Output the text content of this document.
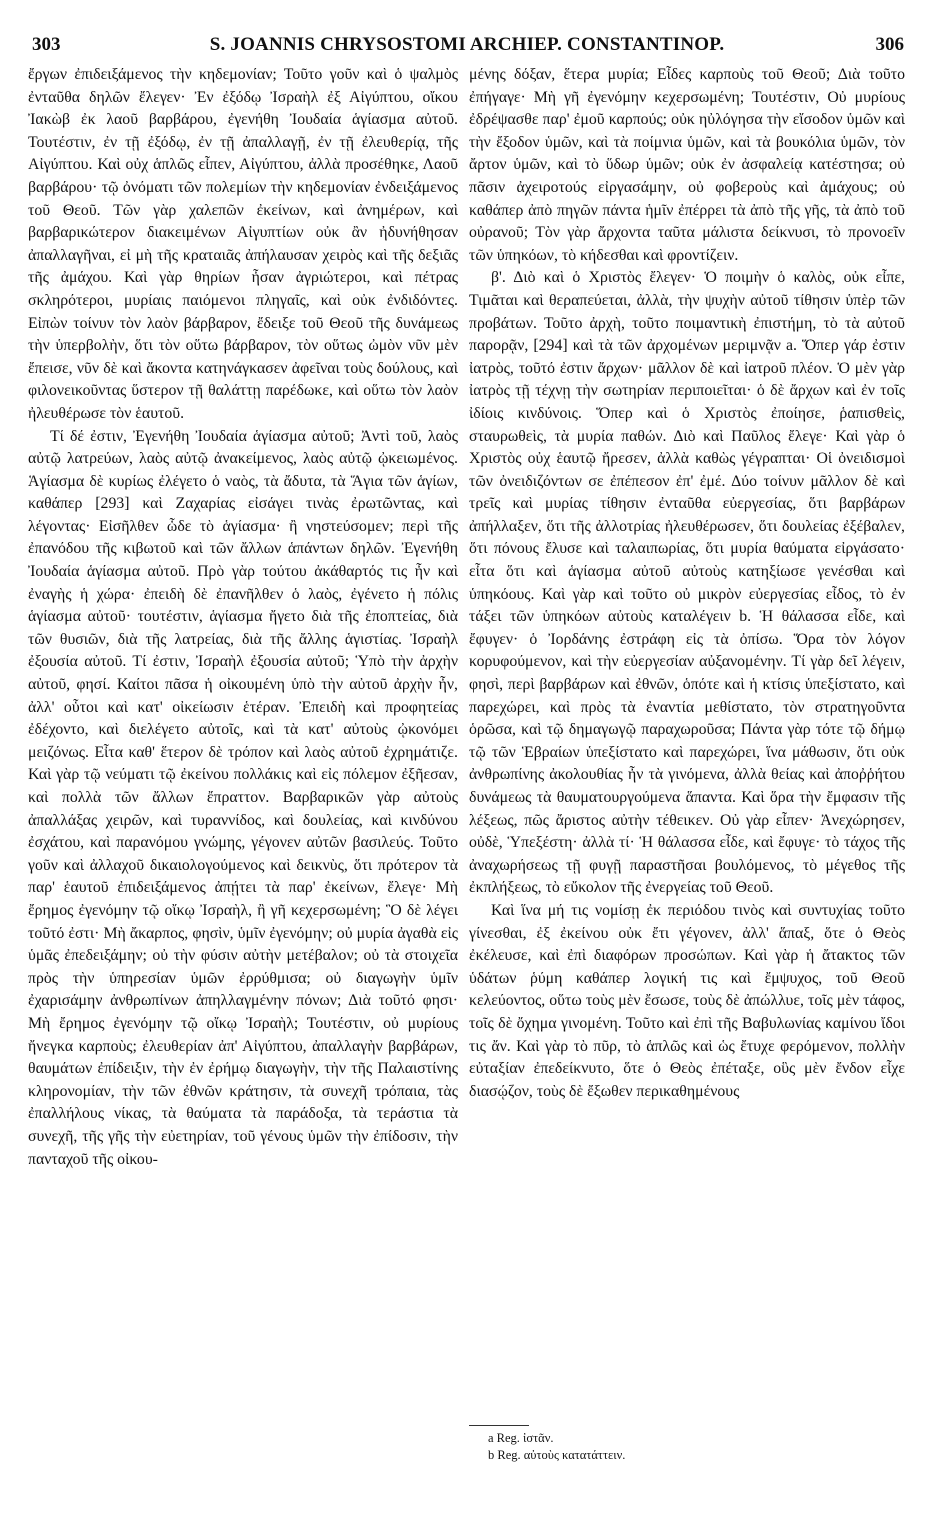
303	S. JOANNIS CHRYSOSTOMI ARCHIEP. CONSTANTINOP.	306

ἔργων ἐπιδειξάμενος τὴν κηδεμονίαν; Τοῦτο γοῦν καὶ ὁ ψαλμὸς ἐνταῦθα δηλῶν ἔλεγεν· Ἐν ἐξόδῳ Ἰσραὴλ ἐξ Αἰγύπτου, οἴκου Ἰακὼβ ἐκ λαοῦ βαρβάρου, ἐγενήθη Ἰουδαία ἁγίασμα αὐτοῦ. Τουτέστιν, ἐν τῇ ἐξόδῳ, ἐν τῇ ἀπαλλαγῇ, ἐν τῇ ἐλευθερίᾳ, τῆς Αἰγύπτου. Καὶ οὐχ ἁπλῶς εἶπεν, Αἰγύπτου, ἀλλὰ προσέθηκε, Λαοῦ βαρβάρου· τῷ ὀνόματι τῶν πολεμίων τὴν κηδεμονίαν ἐνδειξάμενος τοῦ Θεοῦ. Τῶν γὰρ χαλεπῶν ἐκείνων, καὶ ἀνημέρων, καὶ βαρβαρικώτερον διακειμένων Αἰγυπτίων οὐκ ἂν ἠδυνήθησαν ἀπαλλαγῆναι, εἰ μὴ τῆς κραταιᾶς ἀπήλαυσαν χειρὸς καὶ τῆς δεξιᾶς τῆς ἀμάχου. Καὶ γὰρ θηρίων ἦσαν ἀγριώτεροι, καὶ πέτρας σκληρότεροι, μυρίαις παιόμενοι πληγαῖς, καὶ οὐκ ἐνδιδόντες. Εἰπὼν τοίνυν τὸν λαὸν βάρβαρον, ἔδειξε τοῦ Θεοῦ τῆς δυνάμεως τὴν ὑπερβολὴν, ὅτι τὸν οὕτω βάρβαρον, τὸν οὕτως ὠμὸν νῦν μὲν ἔπεισε, νῦν δὲ καὶ ἄκοντα κατηνάγκασεν ἀφεῖναι τοὺς δούλους, καὶ φιλονεικοῦντας ὕστερον τῇ θαλάττῃ παρέδωκε, καὶ οὕτω τὸν λαὸν ἠλευθέρωσε τὸν ἑαυτοῦ.

Τί δέ ἐστιν, Ἐγενήθη Ἰουδαία ἁγίασμα αὐτοῦ; Ἀντὶ τοῦ, λαὸς αὐτῷ λατρεύων, λαὸς αὐτῷ ἀνακείμενος, λαὸς αὐτῷ ᾠκειωμένος. Ἁγίασμα δὲ κυρίως ἐλέγετο ὁ ναὸς, τὰ ἄδυτα, τὰ Ἅγια τῶν ἁγίων, καθάπερ [293] καὶ Ζαχαρίας εἰσάγει τινὰς ἐρωτῶντας, καὶ λέγοντας· Εἰσῆλθεν ὧδε τὸ ἁγίασμα· ἢ νηστεύσομεν; περὶ τῆς ἐπανόδου τῆς κιβωτοῦ καὶ τῶν ἄλλων ἁπάντων δηλῶν. Ἐγενήθη Ἰουδαία ἁγίασμα αὐτοῦ. Πρὸ γὰρ τούτου ἀκάθαρτός τις ἦν καὶ ἐναγὴς ἡ χώρα· ἐπειδὴ δὲ ἐπανῆλθεν ὁ λαὸς, ἐγένετο ἡ πόλις ἁγίασμα αὐτοῦ· τουτέστιν, ἁγίασμα ἤγετο διὰ τῆς ἐποπτείας, διὰ τῶν θυσιῶν, διὰ τῆς λατρείας, διὰ τῆς ἄλλης ἁγιστίας. Ἰσραὴλ ἐξουσία αὐτοῦ. Τί ἐστιν, Ἰσραὴλ ἐξουσία αὐτοῦ; Ὑπὸ τὴν ἀρχὴν αὐτοῦ, φησί. Καίτοι πᾶσα ἡ οἰκουμένη ὑπὸ τὴν αὐτοῦ ἀρχὴν ἦν, ἀλλ' οὗτοι καὶ κατ' οἰκείωσιν ἑτέραν. Ἐπειδὴ καὶ προφητείας ἐδέχοντο, καὶ διελέγετο αὐτοῖς, καὶ τὰ κατ' αὐτοὺς ᾠκονόμει μειζόνως. Εἶτα καθ' ἕτερον δὲ τρόπον καὶ λαὸς αὐτοῦ ἐχρημάτιζε. Καὶ γὰρ τῷ νεύματι τῷ ἐκείνου πολλάκις καὶ εἰς πόλεμον ἐξῆεσαν, καὶ πολλὰ τῶν ἄλλων ἔπραττον. Βαρβαρικῶν γὰρ αὐτοὺς ἀπαλλάξας χειρῶν, καὶ τυραννίδος, καὶ δουλείας, καὶ κινδύνου ἐσχάτου, καὶ παρανόμου γνώμης, γέγονεν αὐτῶν βασιλεύς. Τοῦτο γοῦν καὶ ἀλλαχοῦ δικαιολογούμενος καὶ δεικνὺς, ὅτι πρότερον τὰ παρ' ἑαυτοῦ ἐπιδειξάμενος ἀπῄτει τὰ παρ' ἐκείνων, ἔλεγε· Μὴ ἔρημος ἐγενόμην τῷ οἴκῳ Ἰσραὴλ, ἢ γῆ κεχερσωμένη; Ὃ δὲ λέγει τοῦτό ἐστι· Μὴ ἄκαρπος, φησὶν, ὑμῖν ἐγενόμην; οὐ μυρία ἀγαθὰ εἰς ὑμᾶς ἐπεδειξάμην; οὐ τὴν φύσιν αὐτὴν μετέβαλον; οὐ τὰ στοιχεῖα πρὸς τὴν ὑπηρεσίαν ὑμῶν ἐρρύθμισα; οὐ διαγωγὴν ὑμῖν ἐχαρισάμην ἀνθρωπίνων ἀπηλλαγμένην πόνων; Διὰ τοῦτό φησι· Μὴ ἔρημος ἐγενόμην τῷ οἴκῳ Ἰσραὴλ; Τουτέστιν, οὐ μυρίους ἤνεγκα καρποὺς; ἐλευθερίαν ἀπ' Αἰγύπτου, ἀπαλλαγὴν βαρβάρων, θαυμάτων ἐπίδειξιν, τὴν ἐν ἐρήμῳ διαγωγὴν, τὴν τῆς Παλαιστίνης κληρονομίαν, τὴν τῶν ἐθνῶν κράτησιν, τὰ συνεχῆ τρόπαια, τὰς ἐπαλλήλους νίκας, τὰ θαύματα τὰ παράδοξα, τὰ τεράστια τὰ συνεχῆ, τῆς γῆς τὴν εὐετηρίαν, τοῦ γένους ὑμῶν τὴν ἐπίδοσιν, τὴν πανταχοῦ τῆς οἰκου-

μένης δόξαν, ἕτερα μυρία; Εἶδες καρποὺς τοῦ Θεοῦ; Διὰ τοῦτο ἐπήγαγε· Μὴ γῆ ἐγενόμην κεχερσωμένη; Τουτέστιν, Οὐ μυρίους ἐδρέψασθε παρ' ἐμοῦ καρπούς; οὐκ ηὐλόγησα τὴν εἴσοδον ὑμῶν καὶ τὴν ἔξοδον ὑμῶν, καὶ τὰ ποίμνια ὑμῶν, καὶ τὰ βουκόλια ὑμῶν, τὸν ἄρτον ὑμῶν, καὶ τὸ ὕδωρ ὑμῶν; οὐκ ἐν ἀσφαλείᾳ κατέστησα; οὐ πᾶσιν ἀχειροτούς εἰργασάμην, οὐ φοβεροὺς καὶ ἀμάχους; οὐ καθάπερ ἀπὸ πηγῶν πάντα ἡμῖν ἐπέρρει τὰ ἀπὸ τῆς γῆς, τὰ ἀπὸ τοῦ οὐρανοῦ; Τὸν γὰρ ἄρχοντα ταῦτα μάλιστα δείκνυσι, τὸ προνοεῖν τῶν ὑπηκόων, τὸ κήδεσθαι καὶ φροντίζειν.

β'. Διὸ καὶ ὁ Χριστὸς ἔλεγεν· Ὁ ποιμὴν ὁ καλὸς, οὐκ εἶπε, Τιμᾶται καὶ θεραπεύεται, ἀλλὰ, τὴν ψυχὴν αὐτοῦ τίθησιν ὑπὲρ τῶν προβάτων. Τοῦτο ἀρχὴ, τοῦτο ποιμαντικὴ ἐπιστήμη, τὸ τὰ αὐτοῦ παρορᾷν, [294] καὶ τὰ τῶν ἀρχομένων μεριμνᾷν a. Ὅπερ γάρ ἐστιν ἰατρὸς, τοῦτό ἐστιν ἄρχων· μᾶλλον δὲ καὶ ἰατροῦ πλέον. Ὁ μὲν γὰρ ἰατρὸς τῇ τέχνῃ τὴν σωτηρίαν περιποιεῖται· ὁ δὲ ἄρχων καὶ ἐν τοῖς ἰδίοις κινδύνοις. Ὅπερ καὶ ὁ Χριστὸς ἐποίησε, ῥαπισθεὶς, σταυρωθεὶς, τὰ μυρία παθών. Διὸ καὶ Παῦλος ἔλεγε· Καὶ γὰρ ὁ Χριστὸς οὐχ ἑαυτῷ ἤρεσεν, ἀλλὰ καθὼς γέγραπται· Οἱ ὀνειδισμοὶ τῶν ὀνειδιζόντων σε ἐπέπεσον ἐπ' ἐμέ. Δύο τοίνυν μᾶλλον δὲ καὶ τρεῖς καὶ μυρίας τίθησιν ἐνταῦθα εὐεργεσίας, ὅτι βαρβάρων ἀπήλλαξεν, ὅτι τῆς ἀλλοτρίας ἠλευθέρωσεν, ὅτι δουλείας ἐξέβαλεν, ὅτι πόνους ἔλυσε καὶ ταλαιπωρίας, ὅτι μυρία θαύματα εἰργάσατο· εἶτα ὅτι καὶ ἁγίασμα αὐτοῦ αὐτοὺς κατηξίωσε γενέσθαι καὶ ὑπηκόους. Καὶ γὰρ καὶ τοῦτο οὐ μικρὸν εὐεργεσίας εἶδος, τὸ ἐν τάξει τῶν ὑπηκόων αὐτοὺς καταλέγειν b. Ἡ θάλασσα εἶδε, καὶ ἔφυγεν· ὁ Ἰορδάνης ἐστράφη εἰς τὰ ὀπίσω. Ὅρα τὸν λόγον κορυφούμενον, καὶ τὴν εὐεργεσίαν αὐξανομένην. Τί γὰρ δεῖ λέγειν, φησὶ, περὶ βαρβάρων καὶ ἐθνῶν, ὁπότε καὶ ἡ κτίσις ὑπεξίστατο, καὶ παρεχώρει, καὶ πρὸς τὰ ἐναντία μεθίστατο, τὸν στρατηγοῦντα ὁρῶσα, καὶ τῷ δημαγωγῷ παραχωροῦσα; Πάντα γὰρ τότε τῷ δήμῳ τῷ τῶν Ἑβραίων ὑπεξίστατο καὶ παρεχώρει, ἵνα μάθωσιν, ὅτι οὐκ ἀνθρωπίνης ἀκολουθίας ἦν τὰ γινόμενα, ἀλλὰ θείας καὶ ἀποῤῥήτου δυνάμεως τὰ θαυματουργούμενα ἅπαντα. Καὶ ὅρα τὴν ἔμφασιν τῆς λέξεως, πῶς ἄριστος αὐτὴν τέθεικεν. Οὐ γὰρ εἶπεν· Ἀνεχώρησεν, οὐδὲ, Ὑπεξέστη· ἀλλὰ τί· Ἡ θάλασσα εἶδε, καὶ ἔφυγε· τὸ τάχος τῆς ἀναχωρήσεως τῇ φυγῇ παραστῆσαι βουλόμενος, τὸ μέγεθος τῆς ἐκπλήξεως, τὸ εὔκολον τῆς ἐνεργείας τοῦ Θεοῦ.

Καὶ ἵνα μή τις νομίσῃ ἐκ περιόδου τινὸς καὶ συντυχίας τοῦτο γίνεσθαι, ἐξ ἐκείνου οὐκ ἔτι γέγονεν, ἀλλ' ἅπαξ, ὅτε ὁ Θεὸς ἐκέλευσε, καὶ ἐπὶ διαφόρων προσώπων. Καὶ γὰρ ἡ ἄτακτος τῶν ὑδάτων ῥύμη καθάπερ λογική τις καὶ ἔμψυχος, τοῦ Θεοῦ κελεύοντος, οὕτω τοὺς μὲν ἔσωσε, τοὺς δὲ ἀπώλλυε, τοῖς μὲν τάφος, τοῖς δὲ ὄχημα γινομένη. Τοῦτο καὶ ἐπὶ τῆς Βαβυλωνίας καμίνου ἴδοι τις ἄν. Καὶ γὰρ τὸ πῦρ, τὸ ἁπλῶς καὶ ὡς ἔτυχε φερόμενον, πολλὴν εὐταξίαν ἐπεδείκνυτο, ὅτε ὁ Θεὸς ἐπέταξε, οὓς μὲν ἔνδον εἶχε διασῴζον, τοὺς δὲ ἔξωθεν περικαθημένους

a Reg. ἰστᾶν.
b Reg. αὐτοὺς κατατάττειν.
